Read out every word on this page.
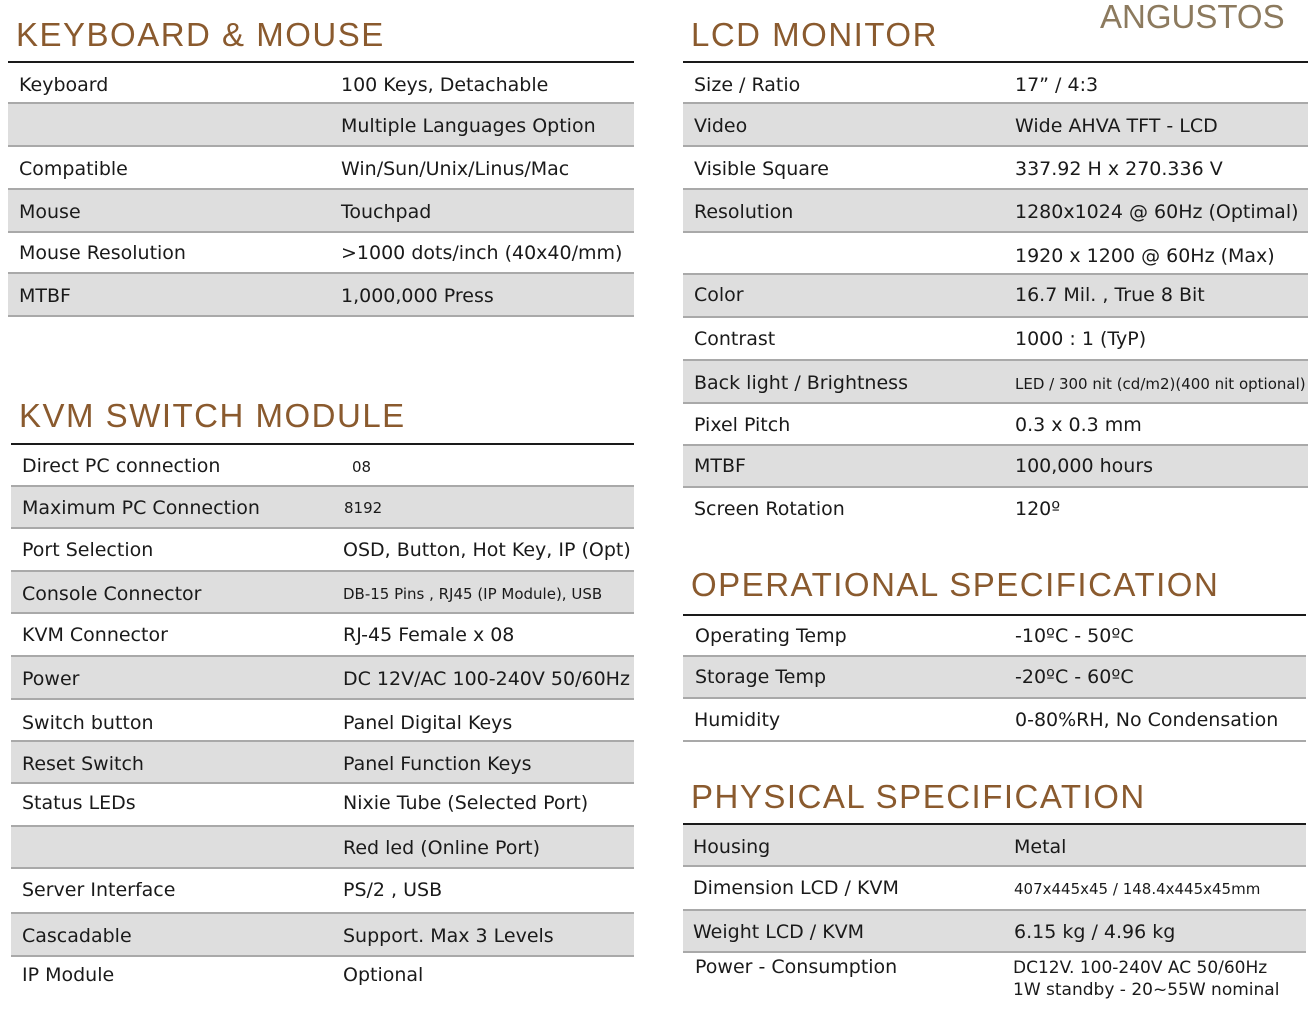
ANGUSTOS
KEYBOARD & MOUSE
Keyboard	100 Keys, Detachable
Multiple Languages Option
Compatible	Win/Sun/Unix/Linus/Mac
Mouse	Touchpad
Mouse Resolution	>1000 dots/inch (40x40/mm)
MTBF	1,000,000 Press
KVM SWITCH MODULE
Direct PC connection	08
Maximum PC Connection	8192
Port Selection	OSD, Button, Hot Key, IP (Opt)
Console Connector	DB-15 Pins , RJ45 (IP Module), USB
KVM Connector	RJ-45 Female x 08
Power	DC 12V/AC 100-240V 50/60Hz
Switch button	Panel Digital Keys
Reset Switch	Panel Function Keys
Status LEDs	Nixie Tube (Selected Port)
Red led (Online Port)
Server Interface	PS/2 , USB
Cascadable	Support. Max 3 Levels
IP Module	Optional
LCD MONITOR
Size / Ratio	17” / 4:3
Video	Wide AHVA TFT - LCD
Visible Square	337.92 H x 270.336 V
Resolution	1280x1024 @ 60Hz (Optimal)
1920 x 1200 @ 60Hz (Max)
Color	16.7 Mil. , True 8 Bit
Contrast	1000 : 1 (TyP)
Back light / Brightness	LED / 300 nit (cd/m2)(400 nit optional)
Pixel Pitch	0.3 x 0.3 mm
MTBF	100,000 hours
Screen Rotation	120º
OPERATIONAL SPECIFICATION
Operating Temp	-10ºC - 50ºC
Storage Temp	-20ºC - 60ºC
Humidity	0-80%RH, No Condensation
PHYSICAL SPECIFICATION
Housing	Metal
Dimension LCD / KVM	407x445x45 / 148.4x445x45mm
Weight LCD / KVM	6.15 kg / 4.96 kg
Power - Consumption	DC12V. 100-240V AC 50/60Hz
1W standby - 20~55W nominal
